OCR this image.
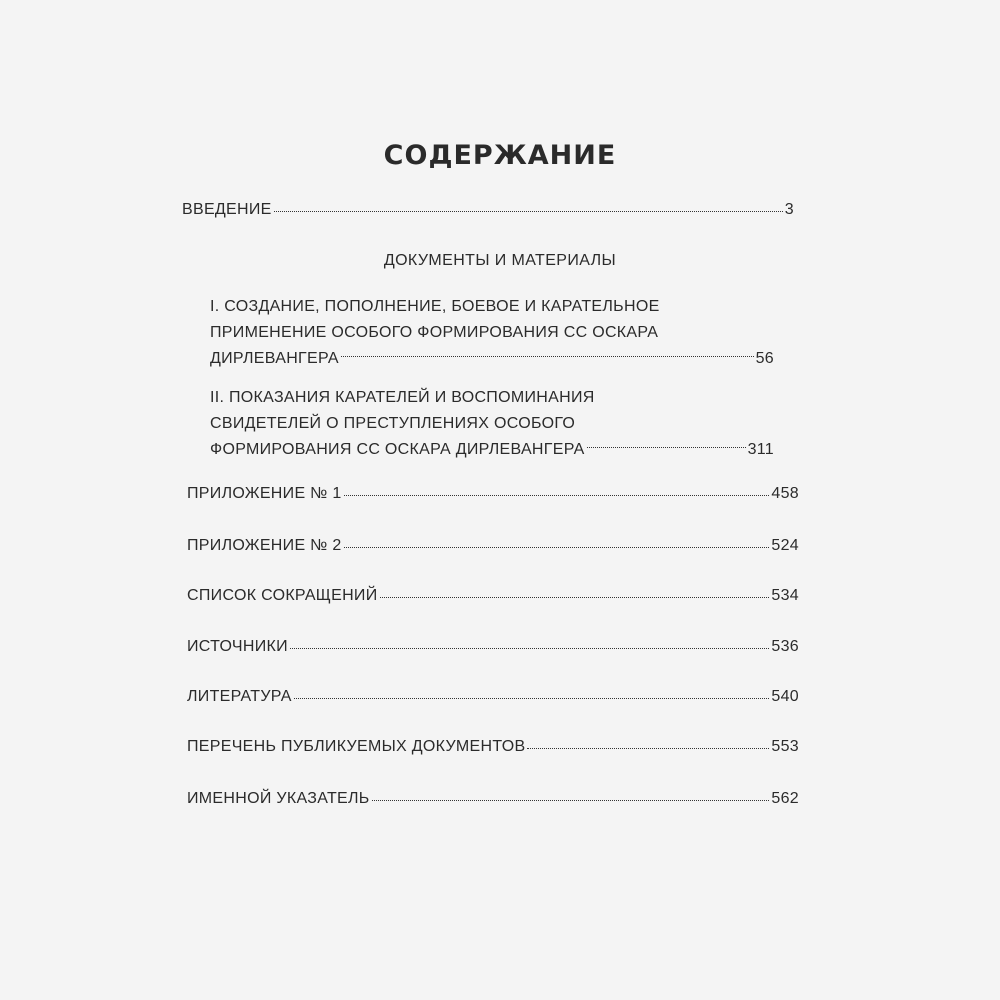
СОДЕРЖАНИЕ
ВВЕДЕНИЕ	3
ДОКУМЕНТЫ И МАТЕРИАЛЫ
I. СОЗДАНИЕ, ПОПОЛНЕНИЕ, БОЕВОЕ И КАРАТЕЛЬНОЕ
ПРИМЕНЕНИЕ ОСОБОГО ФОРМИРОВАНИЯ СС ОСКАРА
ДИРЛЕВАНГЕРА	56
II. ПОКАЗАНИЯ КАРАТЕЛЕЙ И ВОСПОМИНАНИЯ
СВИДЕТЕЛЕЙ О ПРЕСТУПЛЕНИЯХ ОСОБОГО
ФОРМИРОВАНИЯ СС ОСКАРА ДИРЛЕВАНГЕРА	311
ПРИЛОЖЕНИЕ № 1	458
ПРИЛОЖЕНИЕ № 2	524
СПИСОК СОКРАЩЕНИЙ	534
ИСТОЧНИКИ	536
ЛИТЕРАТУРА	540
ПЕРЕЧЕНЬ ПУБЛИКУЕМЫХ ДОКУМЕНТОВ	553
ИМЕННОЙ УКАЗАТЕЛЬ	562
